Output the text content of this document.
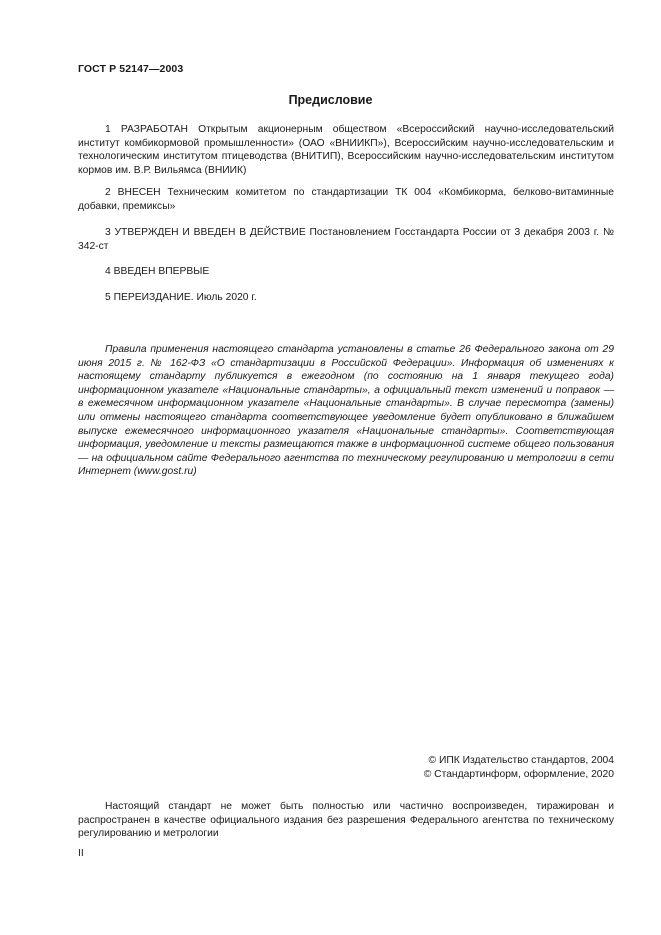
ГОСТ Р 52147—2003
Предисловие

1 РАЗРАБОТАН Открытым акционерным обществом «Всероссийский научно-исследовательский институт комбикормовой промышленности» (ОАО «ВНИИКП»), Всероссийским научно-исследовательским и технологическим институтом птицеводства (ВНИТИП), Всероссийским научно-исследовательским институтом кормов им. В.Р. Вильямса (ВНИИК)

2 ВНЕСЕН Техническим комитетом по стандартизации ТК 004 «Комбикорма, белково-витаминные добавки, премиксы»

3 УТВЕРЖДЕН И ВВЕДЕН В ДЕЙСТВИЕ Постановлением Госстандарта России от 3 декабря 2003 г. № 342-ст

4 ВВЕДЕН ВПЕРВЫЕ

5 ПЕРЕИЗДАНИЕ. Июль 2020 г.

Правила применения настоящего стандарта установлены в статье 26 Федерального закона от 29 июня 2015 г. № 162-ФЗ «О стандартизации в Российской Федерации». Информация об изменениях к настоящему стандарту публикуется в ежегодном (по состоянию на 1 января текущего года) информационном указателе «Национальные стандарты», а официальный текст изменений и поправок — в ежемесячном информационном указателе «Национальные стандарты». В случае пересмотра (замены) или отмены настоящего стандарта соответствующее уведомление будет опубликовано в ближайшем выпуске ежемесячного информационного указателя «Национальные стандарты». Соответствующая информация, уведомление и тексты размещаются также в информационной системе общего пользования — на официальном сайте Федерального агентства по техническому регулированию и метрологии в сети Интернет (www.gost.ru)

© ИПК Издательство стандартов, 2004
© Стандартинформ, оформление, 2020

Настоящий стандарт не может быть полностью или частично воспроизведен, тиражирован и распространен в качестве официального издания без разрешения Федерального агентства по техническому регулированию и метрологии

II
